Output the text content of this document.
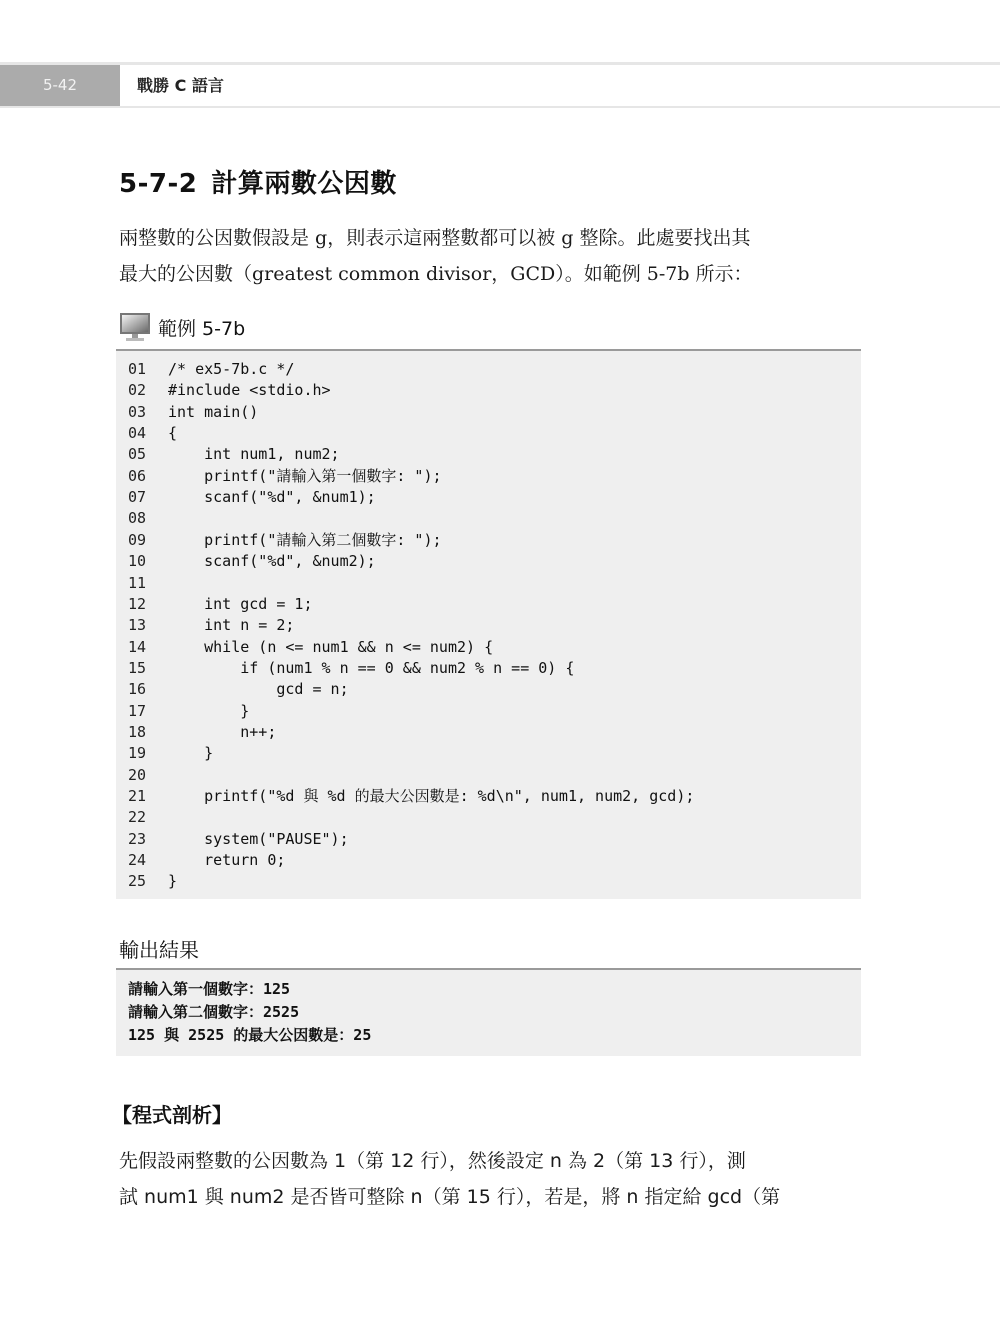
5-42	戰勝 C 語言
5-7-2 計算兩數公因數
兩整數的公因數假設是 g，則表示這兩整數都可以被 g 整除。此處要找出其
最大的公因數（greatest common divisor，GCD）。如範例 5-7b 所示：
範例 5-7b
01	/* ex5-7b.c */
02	#include <stdio.h>
03	int main()
04	{
05	int num1, num2;
06	printf("請輸入第一個數字: ");
07	scanf("%d", &num1);
08
09	printf("請輸入第二個數字: ");
10	scanf("%d", &num2);
11
12	int gcd = 1;
13	int n = 2;
14	while (n <= num1 && n <= num2) {
15	if (num1 % n == 0 && num2 % n == 0) {
16	gcd = n;
17	}
18	n++;
19	}
20
21	printf("%d 與 %d 的最大公因數是: %d\n", num1, num2, gcd);
22
23	system("PAUSE");
24	return 0;
25	}
輸出結果
請輸入第一個數字：125
請輸入第二個數字：2525
125 與 2525 的最大公因數是：25
【程式剖析】
先假設兩整數的公因數為 1（第 12 行），然後設定 n 為 2（第 13 行），測
試 num1 與 num2 是否皆可整除 n（第 15 行），若是，將 n 指定給 gcd（第
